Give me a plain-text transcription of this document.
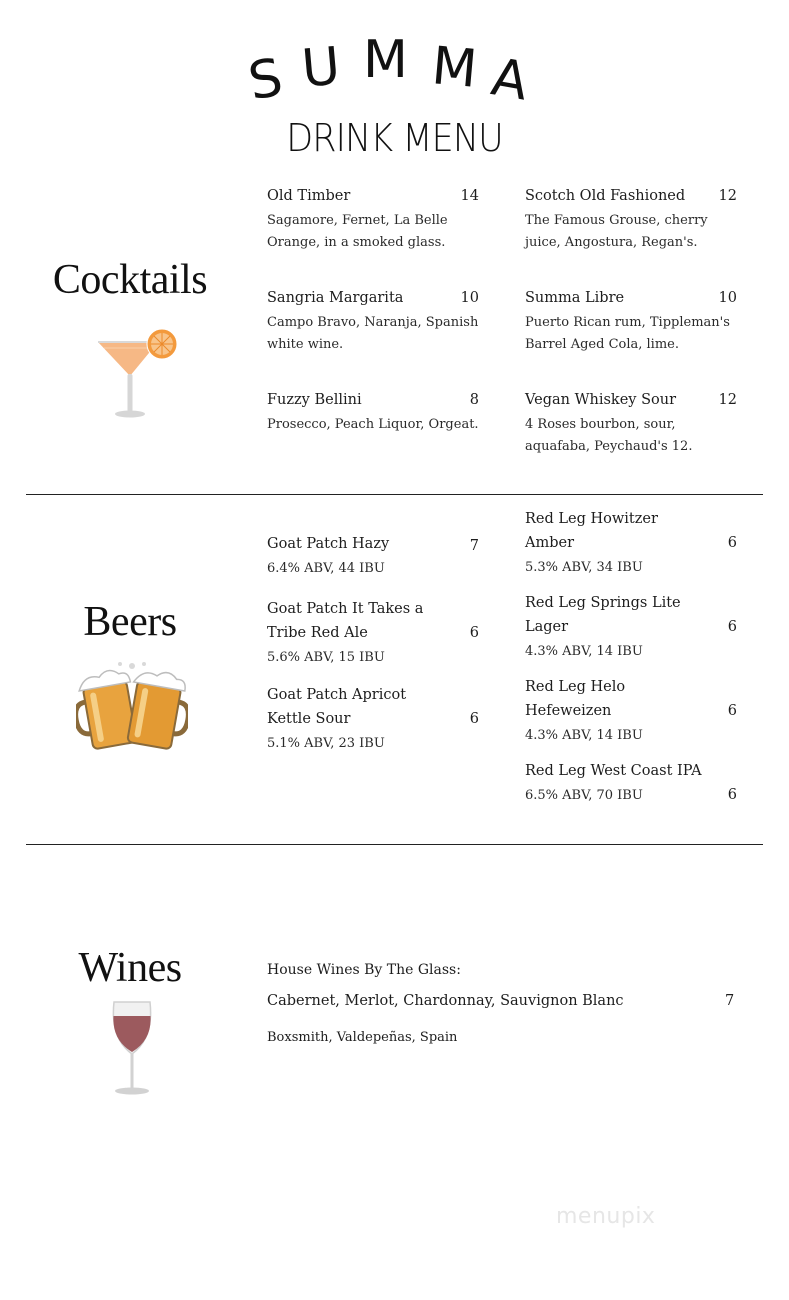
S U M M A
DRINK MENU
Cocktails
14
Old Timber
Sagamore, Fernet, La Belle Orange, in a smoked glass.
12
Scotch Old Fashioned
The Famous Grouse, cherry juice, Angostura, Regan's.
10
Sangria Margarita
Campo Bravo, Naranja, Spanish white wine.
10
Summa Libre
Puerto Rican rum, Tippleman's Barrel Aged Cola, lime.
8
Fuzzy Bellini
Prosecco, Peach Liquor, Orgeat.
12
Vegan Whiskey Sour
4 Roses bourbon, sour, aquafaba, Peychaud's 12.
Beers
7
Goat Patch Hazy
6.4% ABV, 44 IBU
6
Goat Patch It Takes a Tribe Red Ale
5.6% ABV, 15 IBU
6
Goat Patch Apricot Kettle Sour
5.1% ABV, 23 IBU
6
Red Leg Howitzer Amber
5.3% ABV, 34 IBU
6
Red Leg Springs Lite Lager
4.3% ABV, 14 IBU
6
Red Leg Helo Hefeweizen
4.3% ABV, 14 IBU
6
Red Leg West Coast IPA
6.5% ABV, 70 IBU
Wines	House Wines By The Glass:
Cabernet, Merlot, Chardonnay, Sauvignon Blanc	7
Boxsmith, Valdepeñas, Spain
menupix
